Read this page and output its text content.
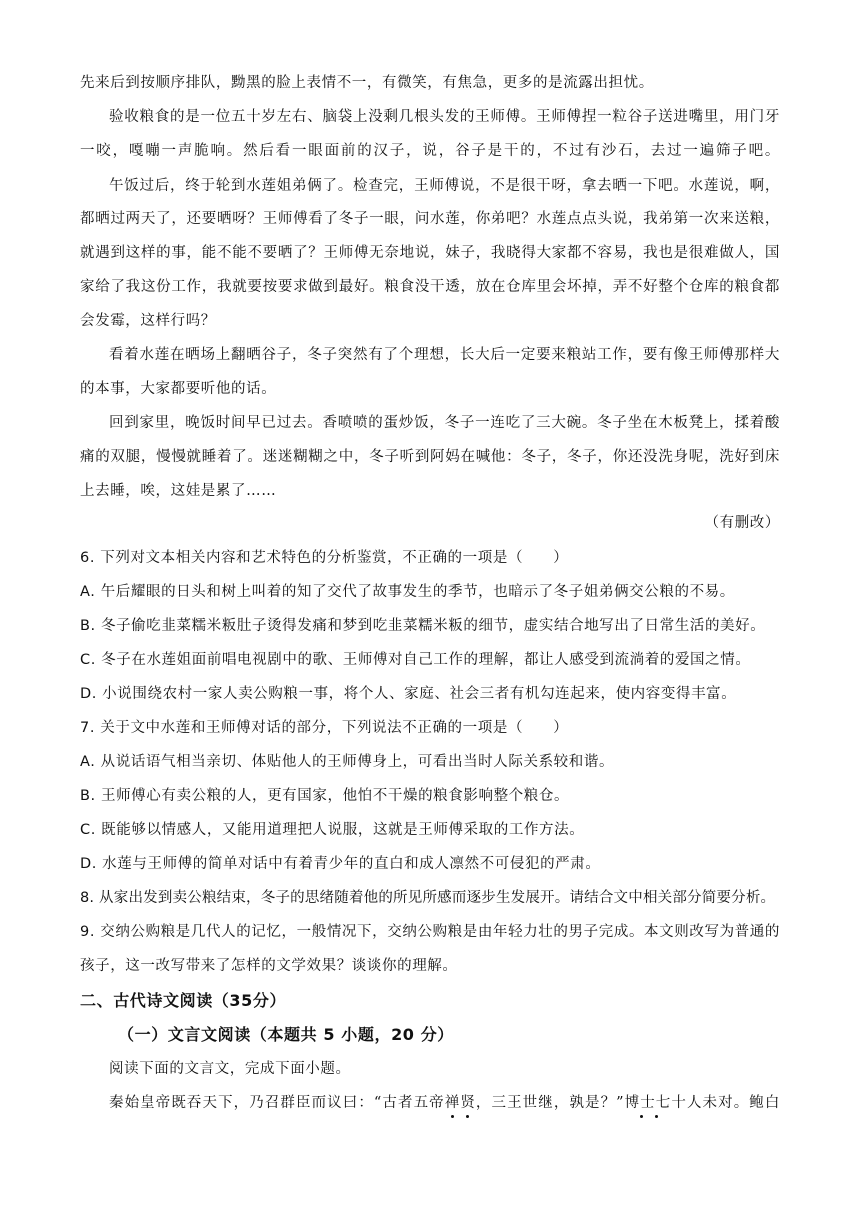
先来后到按顺序排队，黝黑的脸上表情不一，有微笑，有焦急，更多的是流露出担忧。
验收粮食的是一位五十岁左右、脑袋上没剩几根头发的王师傅。王师傅捏一粒谷子送进嘴里，用门牙
一咬，嘎嘣一声脆响。然后看一眼面前的汉子，说，谷子是干的，不过有沙石，去过一遍筛子吧。
午饭过后，终于轮到水莲姐弟俩了。检查完，王师傅说，不是很干呀，拿去晒一下吧。水莲说，啊，
都晒过两天了，还要晒呀？王师傅看了冬子一眼，问水莲，你弟吧？水莲点点头说，我弟第一次来送粮，
就遇到这样的事，能不能不要晒了？王师傅无奈地说，妹子，我晓得大家都不容易，我也是很难做人，国
家给了我这份工作，我就要按要求做到最好。粮食没干透，放在仓库里会坏掉，弄不好整个仓库的粮食都
会发霉，这样行吗？
看着水莲在晒场上翻晒谷子，冬子突然有了个理想，长大后一定要来粮站工作，要有像王师傅那样大
的本事，大家都要听他的话。
回到家里，晚饭时间早已过去。香喷喷的蛋炒饭，冬子一连吃了三大碗。冬子坐在木板凳上，揉着酸
痛的双腿，慢慢就睡着了。迷迷糊糊之中，冬子听到阿妈在喊他：冬子，冬子，你还没洗身呢，洗好到床
上去睡，唉，这娃是累了……
（有删改）
6. 下列对文本相关内容和艺术特色的分析鉴赏，不正确的一项是（　　）
A. 午后耀眼的日头和树上叫着的知了交代了故事发生的季节，也暗示了冬子姐弟俩交公粮的不易。
B. 冬子偷吃韭菜糯米粄肚子烫得发痛和梦到吃韭菜糯米粄的细节，虚实结合地写出了日常生活的美好。
C. 冬子在水莲姐面前唱电视剧中的歌、王师傅对自己工作的理解，都让人感受到流淌着的爱国之情。
D. 小说围绕农村一家人卖公购粮一事，将个人、家庭、社会三者有机勾连起来，使内容变得丰富。
7. 关于文中水莲和王师傅对话的部分，下列说法不正确的一项是（　　）
A. 从说话语气相当亲切、体贴他人的王师傅身上，可看出当时人际关系较和谐。
B. 王师傅心有卖公粮的人，更有国家，他怕不干燥的粮食影响整个粮仓。
C. 既能够以情感人，又能用道理把人说服，这就是王师傅采取的工作方法。
D. 水莲与王师傅的简单对话中有着青少年的直白和成人凛然不可侵犯的严肃。
8. 从家出发到卖公粮结束，冬子的思绪随着他的所见所感而逐步生发展开。请结合文中相关部分简要分析。
9. 交纳公购粮是几代人的记忆，一般情况下，交纳公购粮是由年轻力壮的男子完成。本文则改写为普通的
孩子，这一改写带来了怎样的文学效果？谈谈你的理解。
二、古代诗文阅读（35分）
（一）文言文阅读（本题共 5 小题，20 分）
阅读下面的文言文，完成下面小题。
秦始皇帝既吞天下，乃召群臣而议曰：“古者五帝禅贤，三王世继，孰是？”博士七十人未对。鲍白
